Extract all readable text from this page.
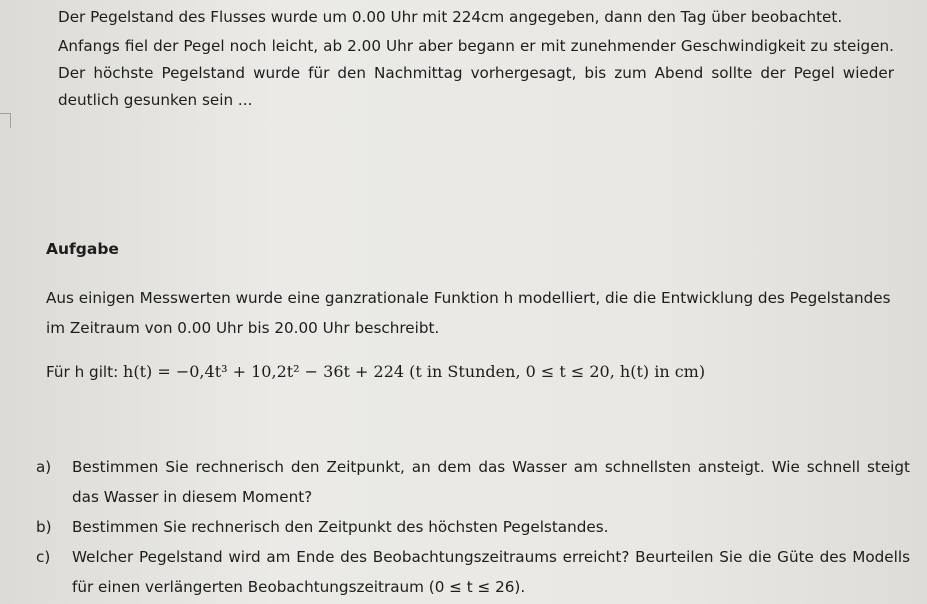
Der Pegelstand des Flusses wurde um 0.00 Uhr mit 224cm angegeben, dann den Tag über beobachtet.

Anfangs fiel der Pegel noch leicht, ab 2.00 Uhr aber begann er mit zunehmender Geschwindigkeit zu steigen. Der höchste Pegelstand wurde für den Nachmittag vorhergesagt, bis zum Abend sollte der Pegel wieder deutlich gesunken sein ...

Aufgabe

Aus einigen Messwerten wurde eine ganzrationale Funktion h modelliert, die die Entwicklung des Pegelstandes im Zeitraum von 0.00 Uhr bis 20.00 Uhr beschreibt.

Für h gilt: h(t) = −0,4t³ + 10,2t² − 36t + 224 (t in Stunden, 0 ≤ t ≤ 20, h(t) in cm)

a) Bestimmen Sie rechnerisch den Zeitpunkt, an dem das Wasser am schnellsten ansteigt. Wie schnell steigt das Wasser in diesem Moment?
b) Bestimmen Sie rechnerisch den Zeitpunkt des höchsten Pegelstandes.
c) Welcher Pegelstand wird am Ende des Beobachtungszeitraums erreicht? Beurteilen Sie die Güte des Modells für einen verlängerten Beobachtungszeitraum (0 ≤ t ≤ 26).
